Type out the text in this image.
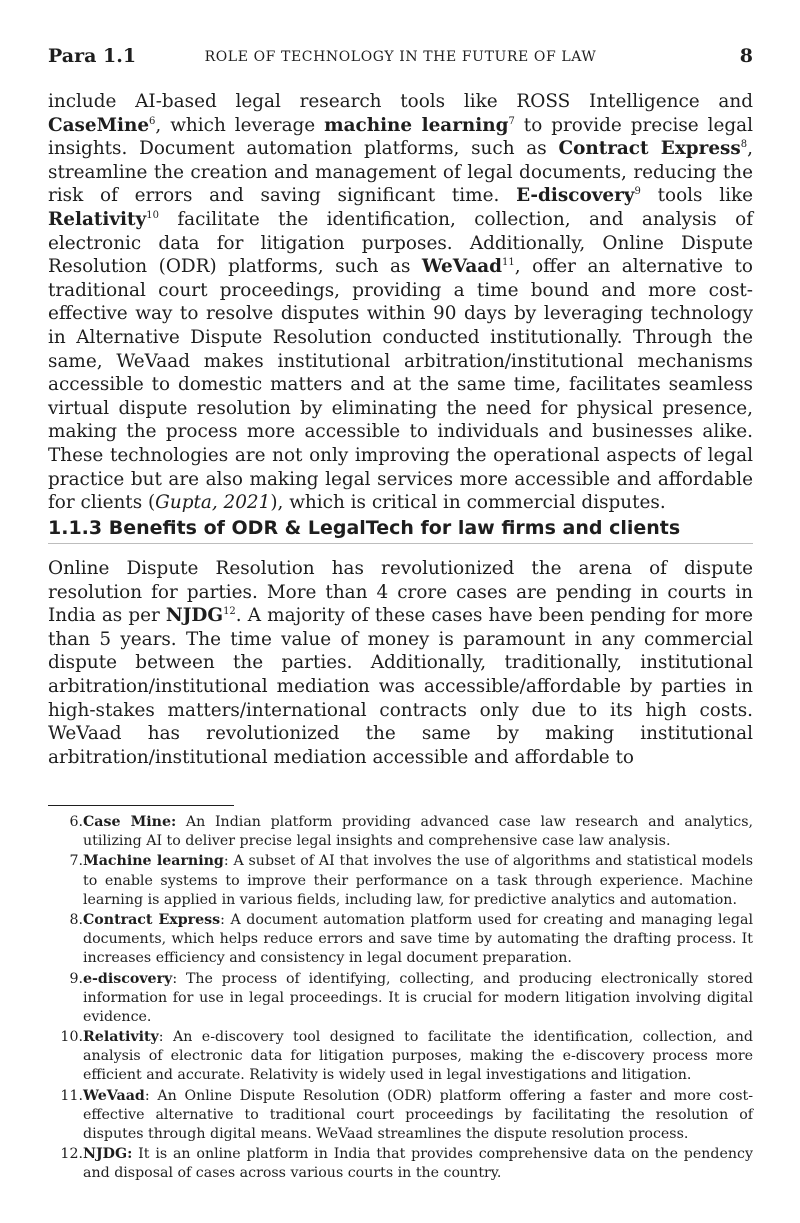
Para 1.1	ROLE OF TECHNOLOGY IN THE FUTURE OF LAW	8

include AI-based legal research tools like ROSS Intelligence and CaseMine$^6$, which leverage machine learning$^7$ to provide precise legal insights. Document automation platforms, such as Contract Express$^8$, streamline the creation and management of legal documents, reducing the risk of errors and saving significant time. E-discovery$^9$ tools like Relativity$^{10}$ facilitate the identification, collection, and analysis of electronic data for litigation purposes. Additionally, Online Dispute Resolution (ODR) platforms, such as WeVaad$^{11}$, offer an alternative to traditional court proceedings, providing a time bound and more cost-effective way to resolve disputes within 90 days by leveraging technology in Alternative Dispute Resolution conducted institutionally. Through the same, WeVaad makes institutional arbitration/institutional mechanisms accessible to domestic matters and at the same time, facilitates seamless virtual dispute resolution by eliminating the need for physical presence, making the process more accessible to individuals and businesses alike. These technologies are not only improving the operational aspects of legal practice but are also making legal services more accessible and affordable for clients (Gupta, 2021), which is critical in commercial disputes.

1.1.3 Benefits of ODR & LegalTech for law firms and clients

Online Dispute Resolution has revolutionized the arena of dispute resolution for parties. More than 4 crore cases are pending in courts in India as per NJDG$^{12}$. A majority of these cases have been pending for more than 5 years. The time value of money is paramount in any commercial dispute between the parties. Additionally, traditionally, institutional arbitration/institutional mediation was accessible/affordable by parties in high-stakes matters/international contracts only due to its high costs. WeVaad has revolutionized the same by making institutional arbitration/institutional mediation accessible and affordable to

6. Case Mine: An Indian platform providing advanced case law research and analytics, utilizing AI to deliver precise legal insights and comprehensive case law analysis.
7. Machine learning: A subset of AI that involves the use of algorithms and statistical models to enable systems to improve their performance on a task through experience. Machine learning is applied in various fields, including law, for predictive analytics and automation.
8. Contract Express: A document automation platform used for creating and managing legal documents, which helps reduce errors and save time by automating the drafting process. It increases efficiency and consistency in legal document preparation.
9. e-discovery: The process of identifying, collecting, and producing electronically stored information for use in legal proceedings. It is crucial for modern litigation involving digital evidence.
10. Relativity: An e-discovery tool designed to facilitate the identification, collection, and analysis of electronic data for litigation purposes, making the e-discovery process more efficient and accurate. Relativity is widely used in legal investigations and litigation.
11. WeVaad: An Online Dispute Resolution (ODR) platform offering a faster and more cost-effective alternative to traditional court proceedings by facilitating the resolution of disputes through digital means. WeVaad streamlines the dispute resolution process.
12. NJDG: It is an online platform in India that provides comprehensive data on the pendency and disposal of cases across various courts in the country.
